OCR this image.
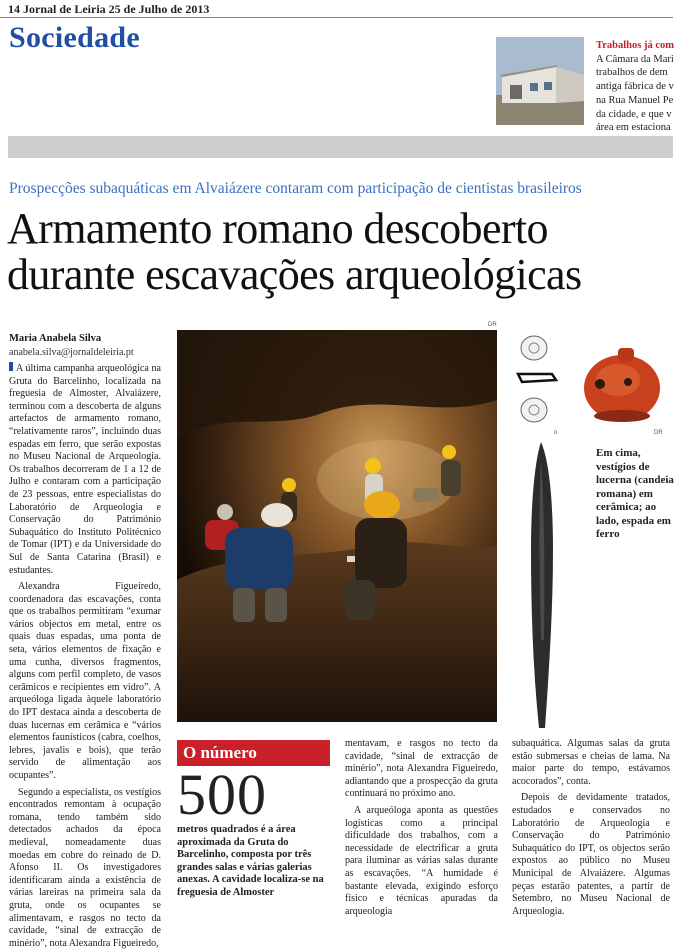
14 Jornal de Leiria 25 de Julho de 2013
Sociedade	Trabalhos já com
A Câmara da Mari
trabalhos de dem
antiga fábrica de v
na Rua Manuel Pe
da cidade, e que v
área em estaciona
Prospecções subaquáticas em Alvaiázere contaram com participação de cientistas brasileiros
Armamento romano descoberto
durante escavações arqueológicas
Maria Anabela Silva
anabela.silva@jornaldeleiria.pt

A última campanha arqueológica na Gruta do Barcelinho, localizada na freguesia de Almoster, Alvaiázere, terminou com a descoberta de alguns artefactos de armamento romano, “relativamente raros”, incluindo duas espadas em ferro, que serão expostas no Museu Nacional de Arqueologia. Os trabalhos decorreram de 1 a 12 de Julho e contaram com a participação de 23 pessoas, entre especialistas do Laboratório de Arqueologia e Conservação do Património Subaquático do Instituto Politécnico de Tomar (IPT) e da Universidade do Sul de Santa Catarina (Brasil) e estudantes.

Alexandra Figueiredo, coordenadora das escavações, conta que os trabalhos permitiram “exumar vários objectos em metal, entre os quais duas espadas, uma ponta de seta, vários elementos de fixação e uma cunha, diversos fragmentos, alguns com perfil completo, de vasos cerâmicos e recipientes em vidro”. A arqueóloga ligada àquele laboratório do IPT destaca ainda a descoberta de duas lucernas em cerâmica e “vários elementos faunísticos (cabra, coelhos, lebres, javalis e bois), que terão servido de alimentação aos ocupantes”.

Segundo a especialista, os vestígios encontrados remontam à ocupação romana, tendo também sido detectados achados da época medieval, nomeadamente duas moedas em cobre do reinado de D. Afonso II. Os investigadores identificaram ainda a existência de várias lareiras na primeira sala da gruta, onde os ocupantes se alimentavam, e rasgos no tecto da cavidade, “sinal de extracção de minério”, nota Alexandra Figueiredo,

DR
o	DR
Em cima, vestígios de lucerna (candeia romana) em cerâmica; ao lado, espada em ferro
O número
500
metros quadrados é a área aproximada da Gruta do Barcelinho, composta por três grandes salas e várias galerias anexas. A cavidade localiza-se na freguesia de Almoster

mentavam, e rasgos no tecto da cavidade, “sinal de extracção de minério”, nota Alexandra Figueiredo, adiantando que a prospecção da gruta continuará no próximo ano.

A arqueóloga aponta as questões logísticas como a principal dificuldade dos trabalhos, com a necessidade de electrificar a gruta para iluminar as várias salas durante as escavações. “A humidade é bastante elevada, exigindo esforço físico e técnicas apuradas da arqueologia

subaquática. Algumas salas da gruta estão submersas e cheias de lama. Na maior parte do tempo, estávamos acocorados”, conta.

Depois de devidamente tratados, estudados e conservados no Laboratório de Arqueologia e Conservação do Património Subaquático do IPT, os objectos serão expostos ao público no Museu Municipal de Alvaiázere. Algumas peças estarão patentes, a partir de Setembro, no Museu Nacional de Arqueologia.
